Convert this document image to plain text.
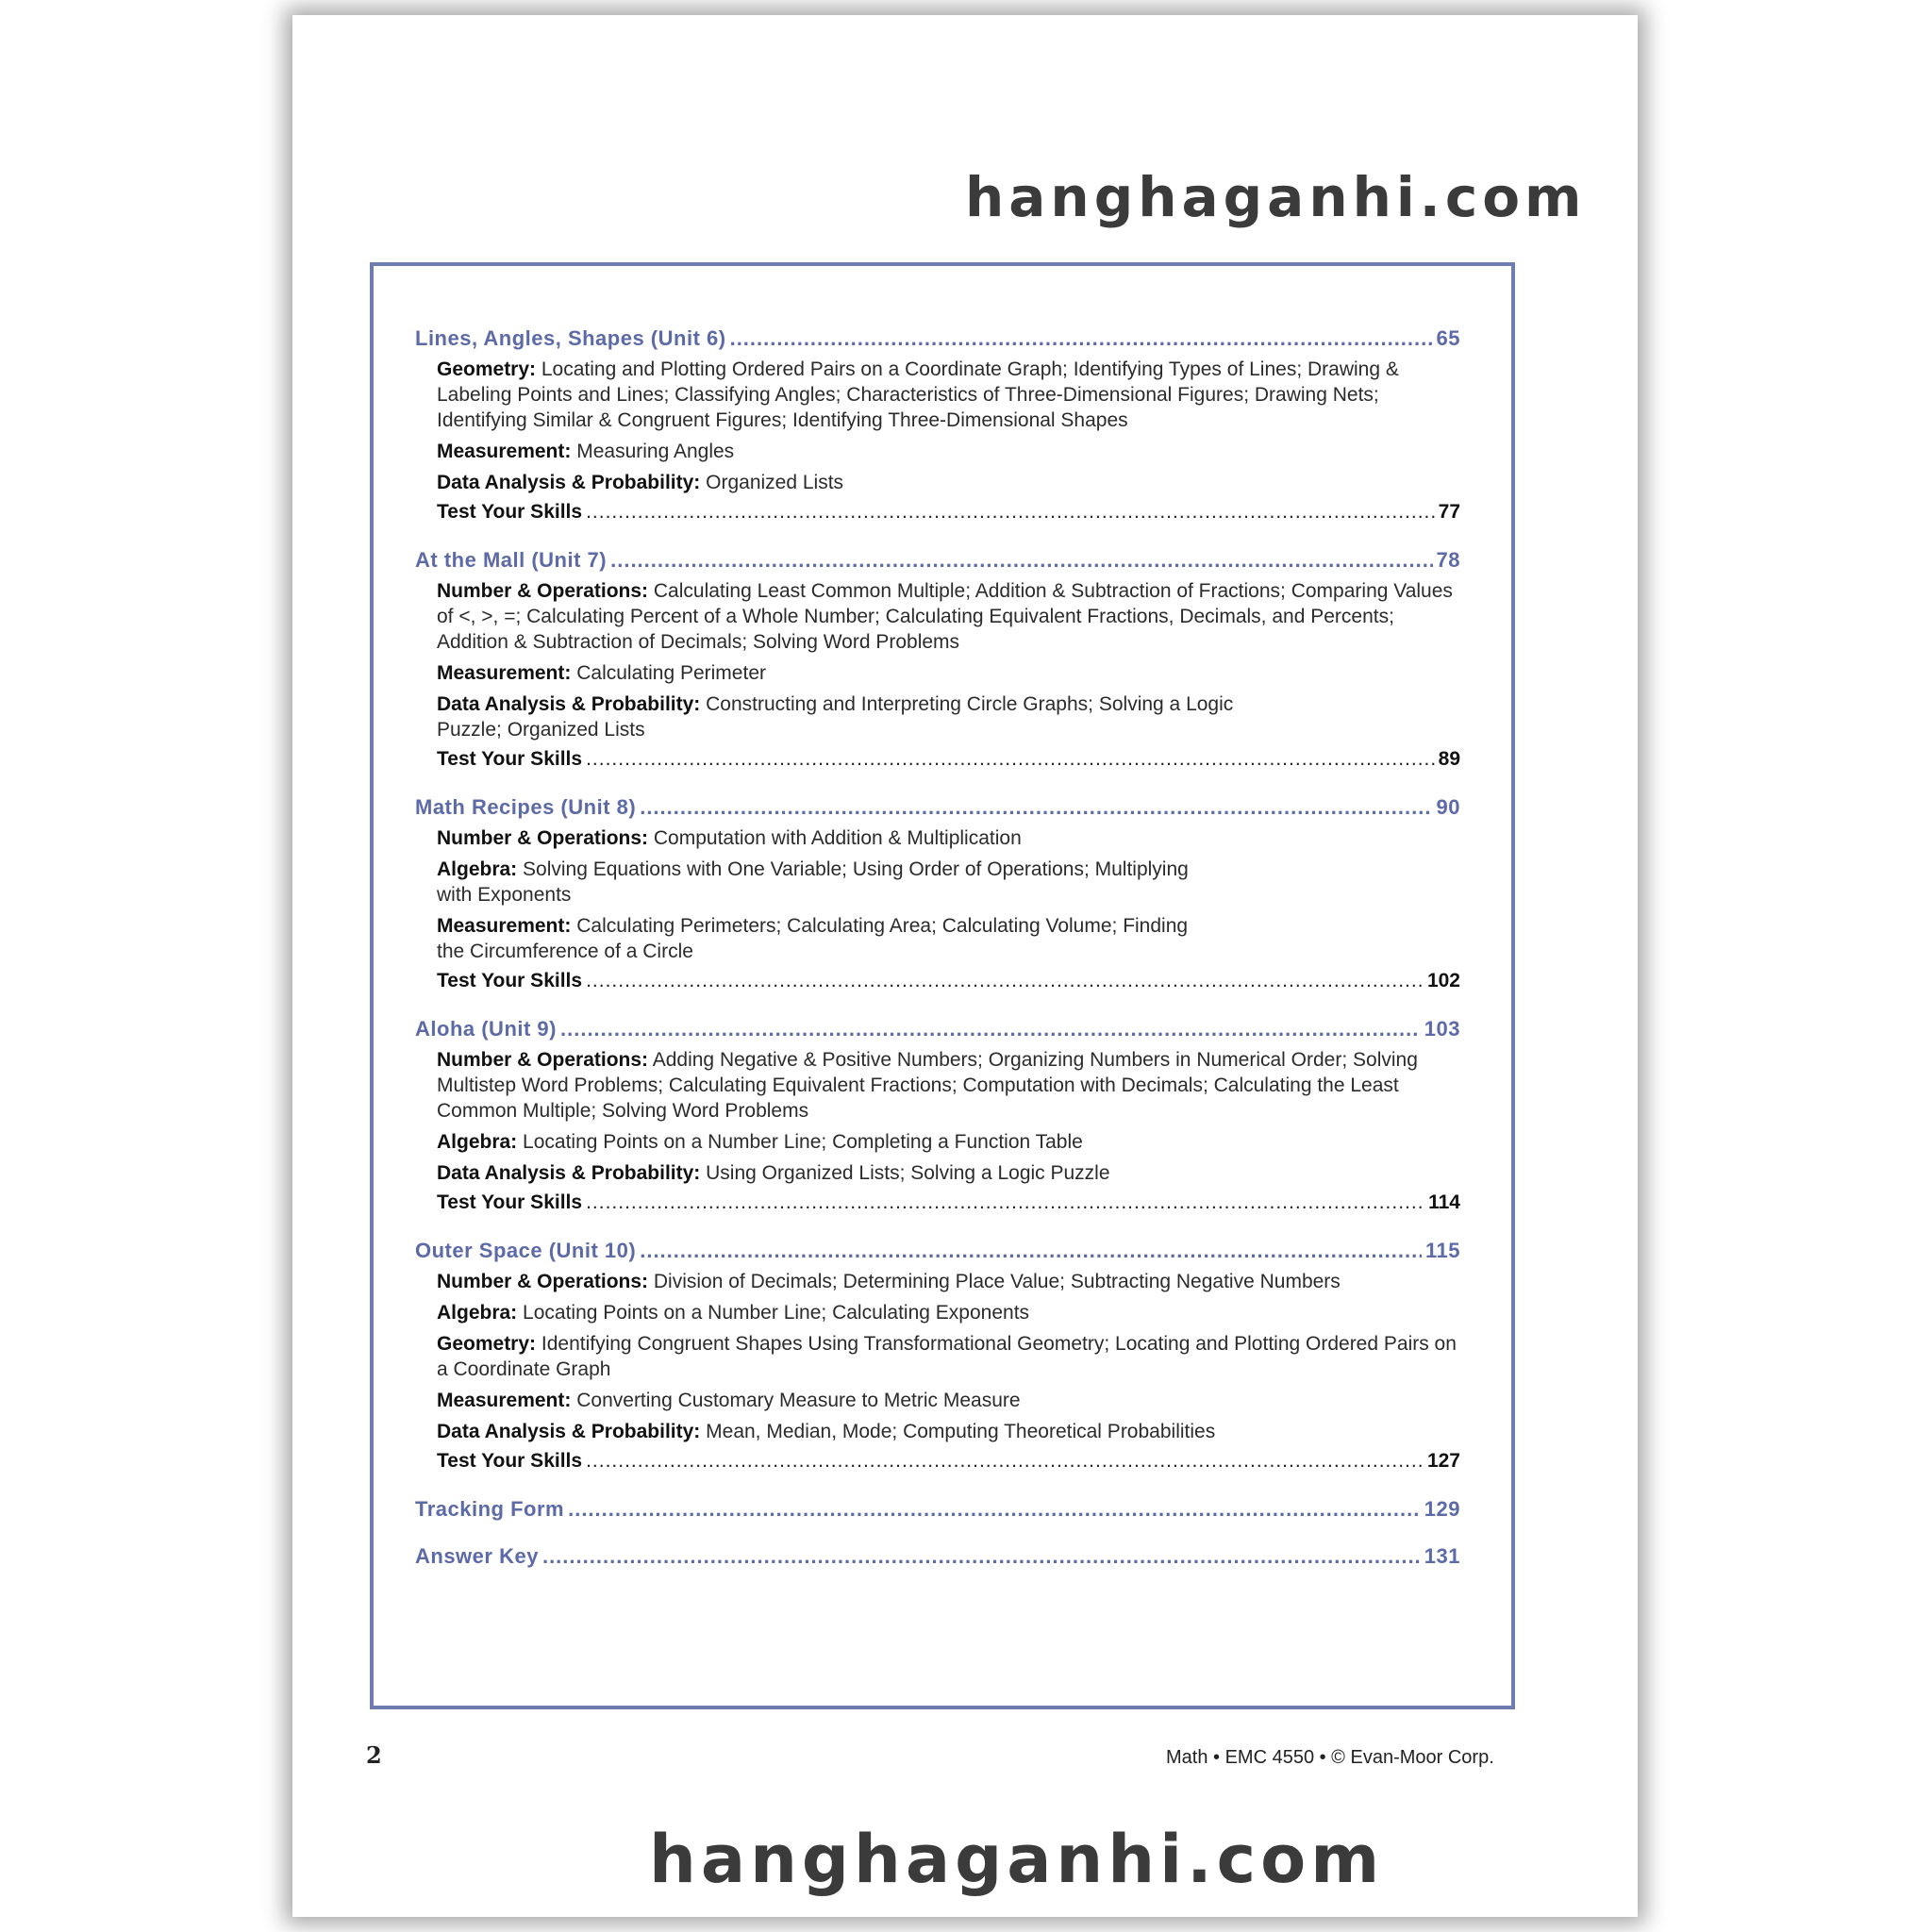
hanghaganhi.com
Lines, Angles, Shapes (Unit 6) .....	65
Geometry: Locating and Plotting Ordered Pairs on a Coordinate Graph; Identifying Types of Lines; Drawing & Labeling Points and Lines; Classifying Angles; Characteristics of Three-Dimensional Figures; Drawing Nets; Identifying Similar & Congruent Figures; Identifying Three-Dimensional Shapes
Measurement: Measuring Angles
Data Analysis & Probability: Organized Lists
Test Your Skills .....	77
At the Mall (Unit 7) .....	78
Number & Operations: Calculating Least Common Multiple; Addition & Subtraction of Fractions; Comparing Values of <, >, =; Calculating Percent of a Whole Number; Calculating Equivalent Fractions, Decimals, and Percents; Addition & Subtraction of Decimals; Solving Word Problems
Measurement: Calculating Perimeter
Data Analysis & Probability: Constructing and Interpreting Circle Graphs; Solving a Logic Puzzle; Organized Lists
Test Your Skills .....	89
Math Recipes (Unit 8) .....	90
Number & Operations: Computation with Addition & Multiplication
Algebra: Solving Equations with One Variable; Using Order of Operations; Multiplying with Exponents
Measurement: Calculating Perimeters; Calculating Area; Calculating Volume; Finding the Circumference of a Circle
Test Your Skills .....	102
Aloha (Unit 9) .....	103
Number & Operations: Adding Negative & Positive Numbers; Organizing Numbers in Numerical Order; Solving Multistep Word Problems; Calculating Equivalent Fractions; Computation with Decimals; Calculating the Least Common Multiple; Solving Word Problems
Algebra: Locating Points on a Number Line; Completing a Function Table
Data Analysis & Probability: Using Organized Lists; Solving a Logic Puzzle
Test Your Skills .....	114
Outer Space (Unit 10) .....	115
Number & Operations: Division of Decimals; Determining Place Value; Subtracting Negative Numbers
Algebra: Locating Points on a Number Line; Calculating Exponents
Geometry: Identifying Congruent Shapes Using Transformational Geometry; Locating and Plotting Ordered Pairs on a Coordinate Graph
Measurement: Converting Customary Measure to Metric Measure
Data Analysis & Probability: Mean, Median, Mode; Computing Theoretical Probabilities
Test Your Skills .....	127
Tracking Form .....	129
Answer Key .....	131
2	Math • EMC 4550 • © Evan-Moor Corp.
hanghaganhi.com
